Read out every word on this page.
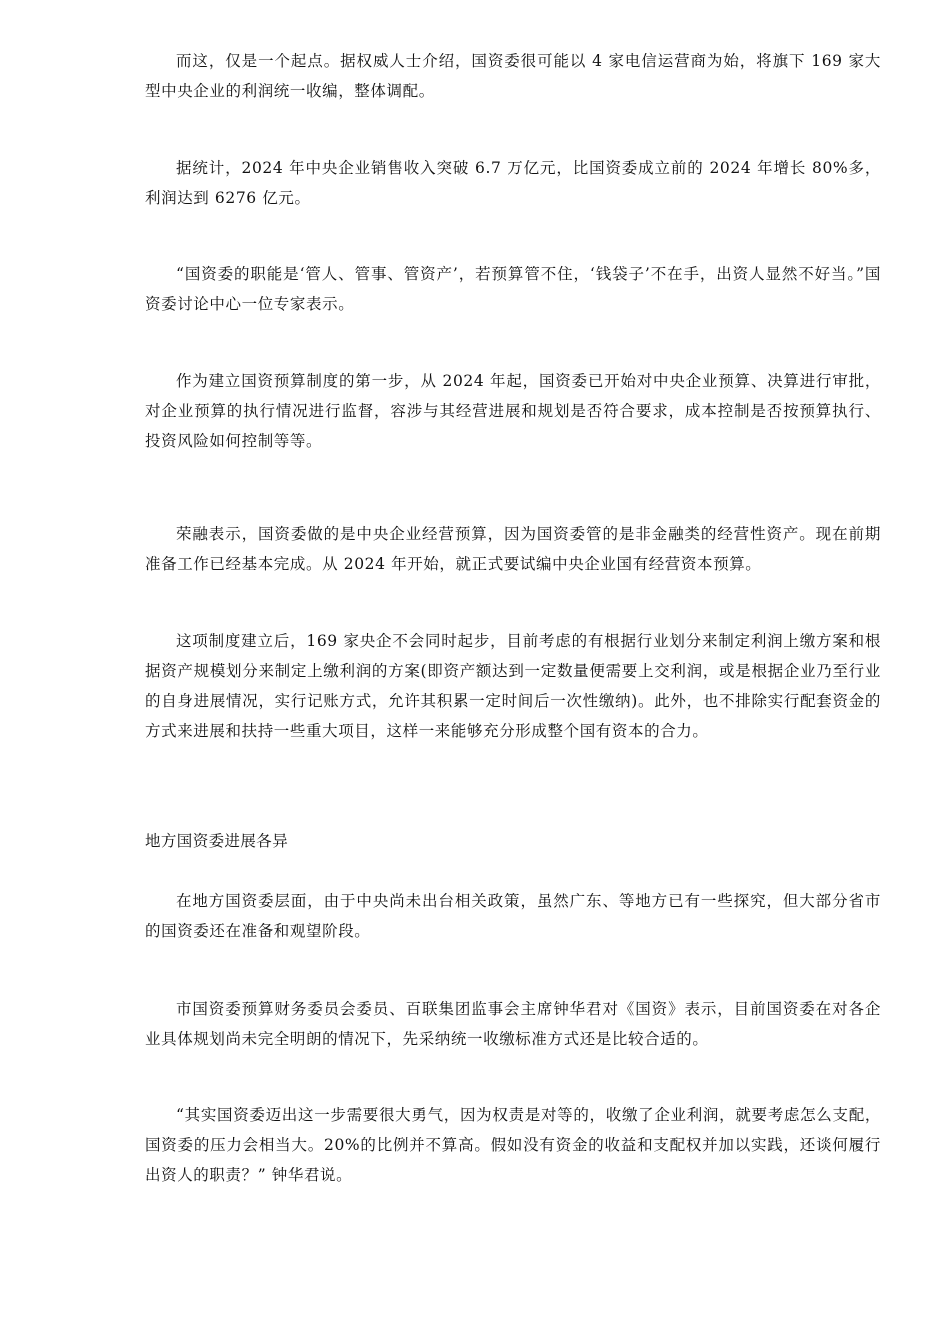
而这，仅是一个起点。据权威人士介绍，国资委很可能以 4 家电信运营商为始，将旗下 169 家大型中央企业的利润统一收编，整体调配。

据统计，2024 年中央企业销售收入突破 6.7 万亿元，比国资委成立前的 2024 年增长 80%多，利润达到 6276 亿元。

“国资委的职能是‘管人、管事、管资产’，若预算管不住，‘钱袋子’不在手，出资人显然不好当。”国资委讨论中心一位专家表示。

作为建立国资预算制度的第一步，从 2024 年起，国资委已开始对中央企业预算、决算进行审批，对企业预算的执行情况进行监督，容涉与其经营进展和规划是否符合要求，成本控制是否按预算执行、投资风险如何控制等等。

荣融表示，国资委做的是中央企业经营预算，因为国资委管的是非金融类的经营性资产。现在前期准备工作已经基本完成。从 2024 年开始，就正式要试编中央企业国有经营资本预算。

这项制度建立后，169 家央企不会同时起步，目前考虑的有根据行业划分来制定利润上缴方案和根据资产规模划分来制定上缴利润的方案(即资产额达到一定数量便需要上交利润，或是根据企业乃至行业的自身进展情况，实行记账方式，允许其积累一定时间后一次性缴纳)。此外，也不排除实行配套资金的方式来进展和扶持一些重大项目，这样一来能够充分形成整个国有资本的合力。

地方国资委进展各异

在地方国资委层面，由于中央尚未出台相关政策，虽然广东、等地方已有一些探究，但大部分省市的国资委还在准备和观望阶段。

市国资委预算财务委员会委员、百联集团监事会主席钟华君对《国资》表示，目前国资委在对各企业具体规划尚未完全明朗的情况下，先采纳统一收缴标准方式还是比较合适的。

“其实国资委迈出这一步需要很大勇气，因为权责是对等的，收缴了企业利润，就要考虑怎么支配，国资委的压力会相当大。20%的比例并不算高。假如没有资金的收益和支配权并加以实践，还谈何履行出资人的职责？” 钟华君说。
